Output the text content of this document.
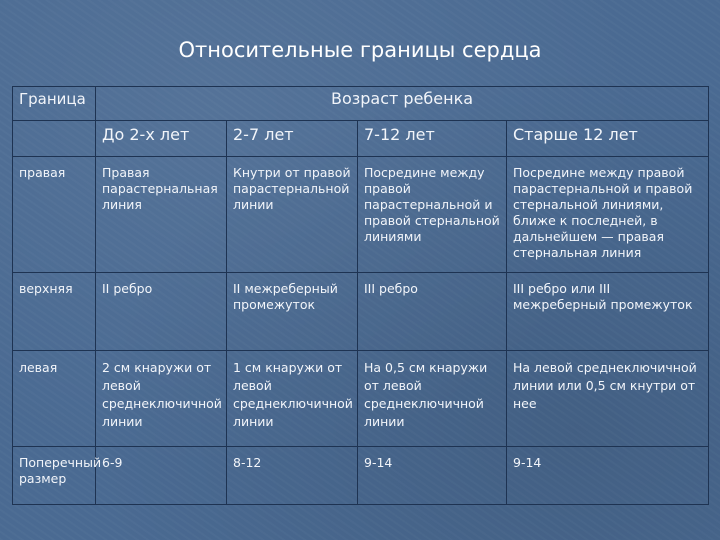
Относительные границы сердца
Граница	Возраст ребенка			
	До 2-х лет	2-7 лет	7-12 лет	Старше 12 лет
правая	Правая парастернальная линия	Кнутри от правой парастернальной линии	Посредине между правой парастернальной и правой стернальной линиями	Посредине между правой парастернальной и правой стернальной линиями, ближе к последней, в дальнейшем — правая стернальная линия
верхняя	II ребро	II межреберный промежуток	III ребро	III ребро или III межреберный промежуток
левая	2 см кнаружи от левой среднеключичной линии	1 см кнаружи от левой среднеключичной линии	На 0,5 см кнаружи от левой среднеключичной линии	На левой среднеключичной линии или 0,5 см кнутри от нее
Поперечный размер	6-9	8-12	9-14	9-14
